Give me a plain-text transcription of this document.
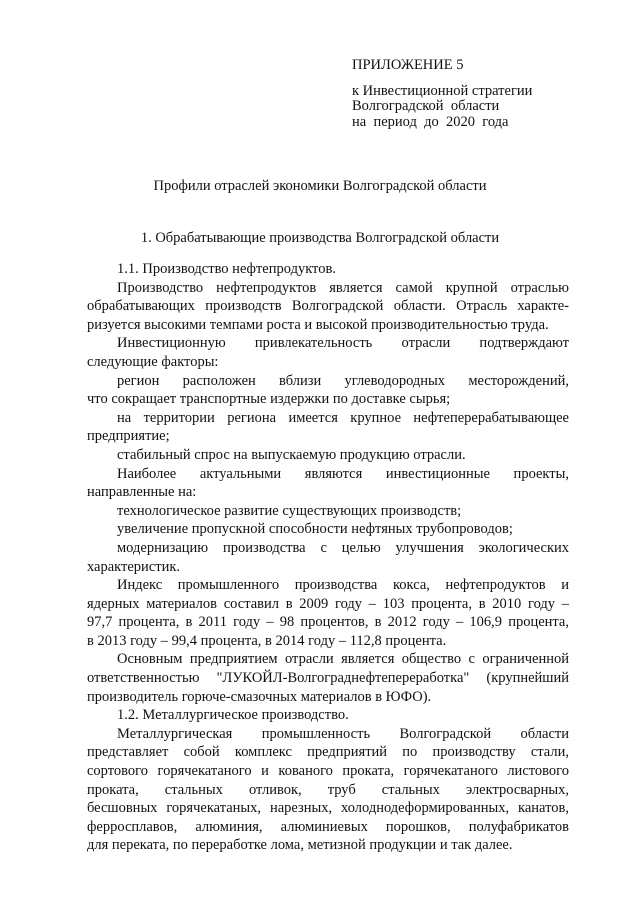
ПРИЛОЖЕНИЕ 5
к Инвестиционной стратегии
Волгоградской  области
на  период  до  2020  года
Профили отраслей экономики Волгоградской области
1. Обрабатывающие производства Волгоградской области
1.1. Производство нефтепродуктов.
Производство нефтепродуктов является самой крупной отраслью
обрабатывающих производств Волгоградской области. Отрасль характе-
ризуется высокими темпами роста и высокой производительностью труда.
Инвестиционную привлекательность отрасли подтверждают
следующие факторы:
регион расположен вблизи углеводородных месторождений,
что сокращает транспортные издержки по доставке сырья;
на территории региона имеется крупное нефтеперерабатывающее
предприятие;
стабильный спрос на выпускаемую продукцию отрасли.
Наиболее актуальными являются инвестиционные проекты,
направленные на:
технологическое развитие существующих производств;
увеличение пропускной способности нефтяных трубопроводов;
модернизацию производства с целью улучшения экологических
характеристик.
Индекс промышленного производства кокса, нефтепродуктов и
ядерных материалов составил в 2009 году – 103 процента, в 2010 году –
97,7 процента, в 2011 году – 98 процентов, в 2012 году – 106,9 процента,
в 2013 году – 99,4 процента, в 2014 году – 112,8 процента.
Основным предприятием отрасли является общество с ограниченной
ответственностью "ЛУКОЙЛ-Волгограднефтепереработка" (крупнейший
производитель горюче-смазочных материалов в ЮФО).
1.2. Металлургическое производство.
Металлургическая промышленность Волгоградской области
представляет собой комплекс предприятий по производству стали,
сортового горячекатаного и кованого проката, горячекатаного листового
проката, стальных отливок, труб стальных электросварных,
бесшовных горячекатаных, нарезных, холоднодеформированных, канатов,
ферросплавов, алюминия, алюминиевых порошков, полуфабрикатов
для переката, по переработке лома, метизной продукции и так далее.
